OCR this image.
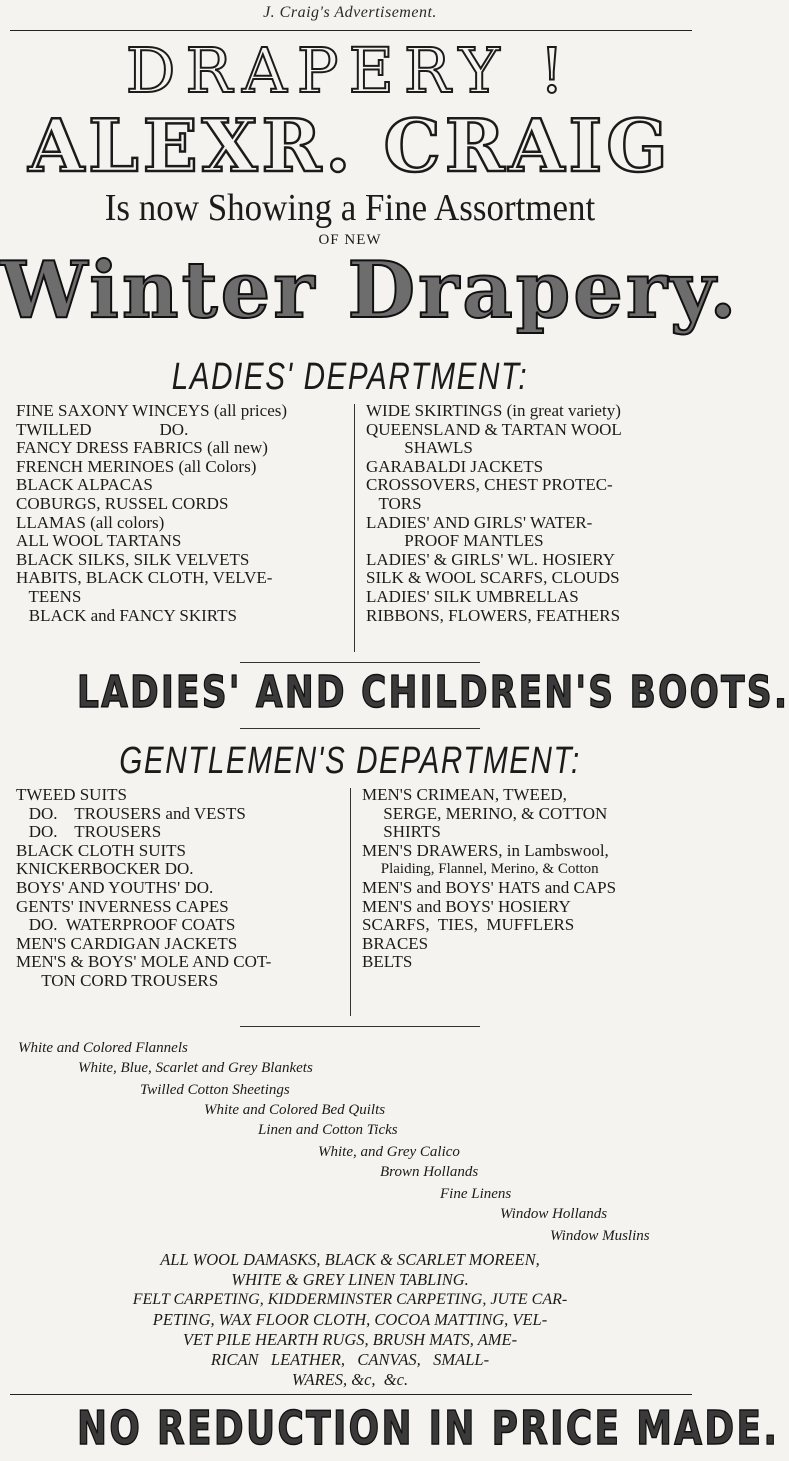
J. Craig's Advertisement.
DRAPERY !
ALEXR. CRAIG
Is now Showing a Fine Assortment
OF NEW
Winter Drapery.
LADIES' DEPARTMENT:
FINE SAXONY WINCEYS (all prices)
TWILLED                DO.
FANCY DRESS FABRICS (all new)
FRENCH MERINOES (all Colors)
BLACK ALPACAS
COBURGS, RUSSEL CORDS
LLAMAS (all colors)
ALL WOOL TARTANS
BLACK SILKS, SILK VELVETS
HABITS, BLACK CLOTH, VELVE-
TEENS
BLACK and FANCY SKIRTS
WIDE SKIRTINGS (in great variety)
QUEENSLAND & TARTAN WOOL
SHAWLS
GARABALDI JACKETS
CROSSOVERS, CHEST PROTEC-
TORS
LADIES' AND GIRLS' WATER-
PROOF MANTLES
LADIES' & GIRLS' WL. HOSIERY
SILK & WOOL SCARFS, CLOUDS
LADIES' SILK UMBRELLAS
RIBBONS, FLOWERS, FEATHERS
LADIES' AND CHILDREN'S BOOTS.
GENTLEMEN'S DEPARTMENT:
TWEED SUITS
DO.    TROUSERS and VESTS
DO.    TROUSERS
BLACK CLOTH SUITS
KNICKERBOCKER DO.
BOYS' AND YOUTHS' DO.
GENTS' INVERNESS CAPES
DO.  WATERPROOF COATS
MEN'S CARDIGAN JACKETS
MEN'S & BOYS' MOLE AND COT-
TON CORD TROUSERS
MEN'S CRIMEAN, TWEED,
SERGE, MERINO, & COTTON
SHIRTS
MEN'S DRAWERS, in Lambswool,
Plaiding, Flannel, Merino, & Cotton
MEN'S and BOYS' HATS and CAPS
MEN'S and BOYS' HOSIERY
SCARFS,  TIES,  MUFFLERS
BRACES
BELTS
White and Colored Flannels
White, Blue, Scarlet and Grey Blankets
Twilled Cotton Sheetings
White and Colored Bed Quilts
Linen and Cotton Ticks
White, and Grey Calico
Brown Hollands
Fine Linens
Window Hollands
Window Muslins
ALL WOOL DAMASKS, BLACK & SCARLET MOREEN,
WHITE & GREY LINEN TABLING.
FELT CARPETING, KIDDERMINSTER CARPETING, JUTE CAR-
PETING, WAX FLOOR CLOTH, COCOA MATTING, VEL-
VET PILE HEARTH RUGS, BRUSH MATS, AME-
RICAN   LEATHER,   CANVAS,   SMALL-
WARES, &c,  &c.
NO REDUCTION IN PRICE MADE.
